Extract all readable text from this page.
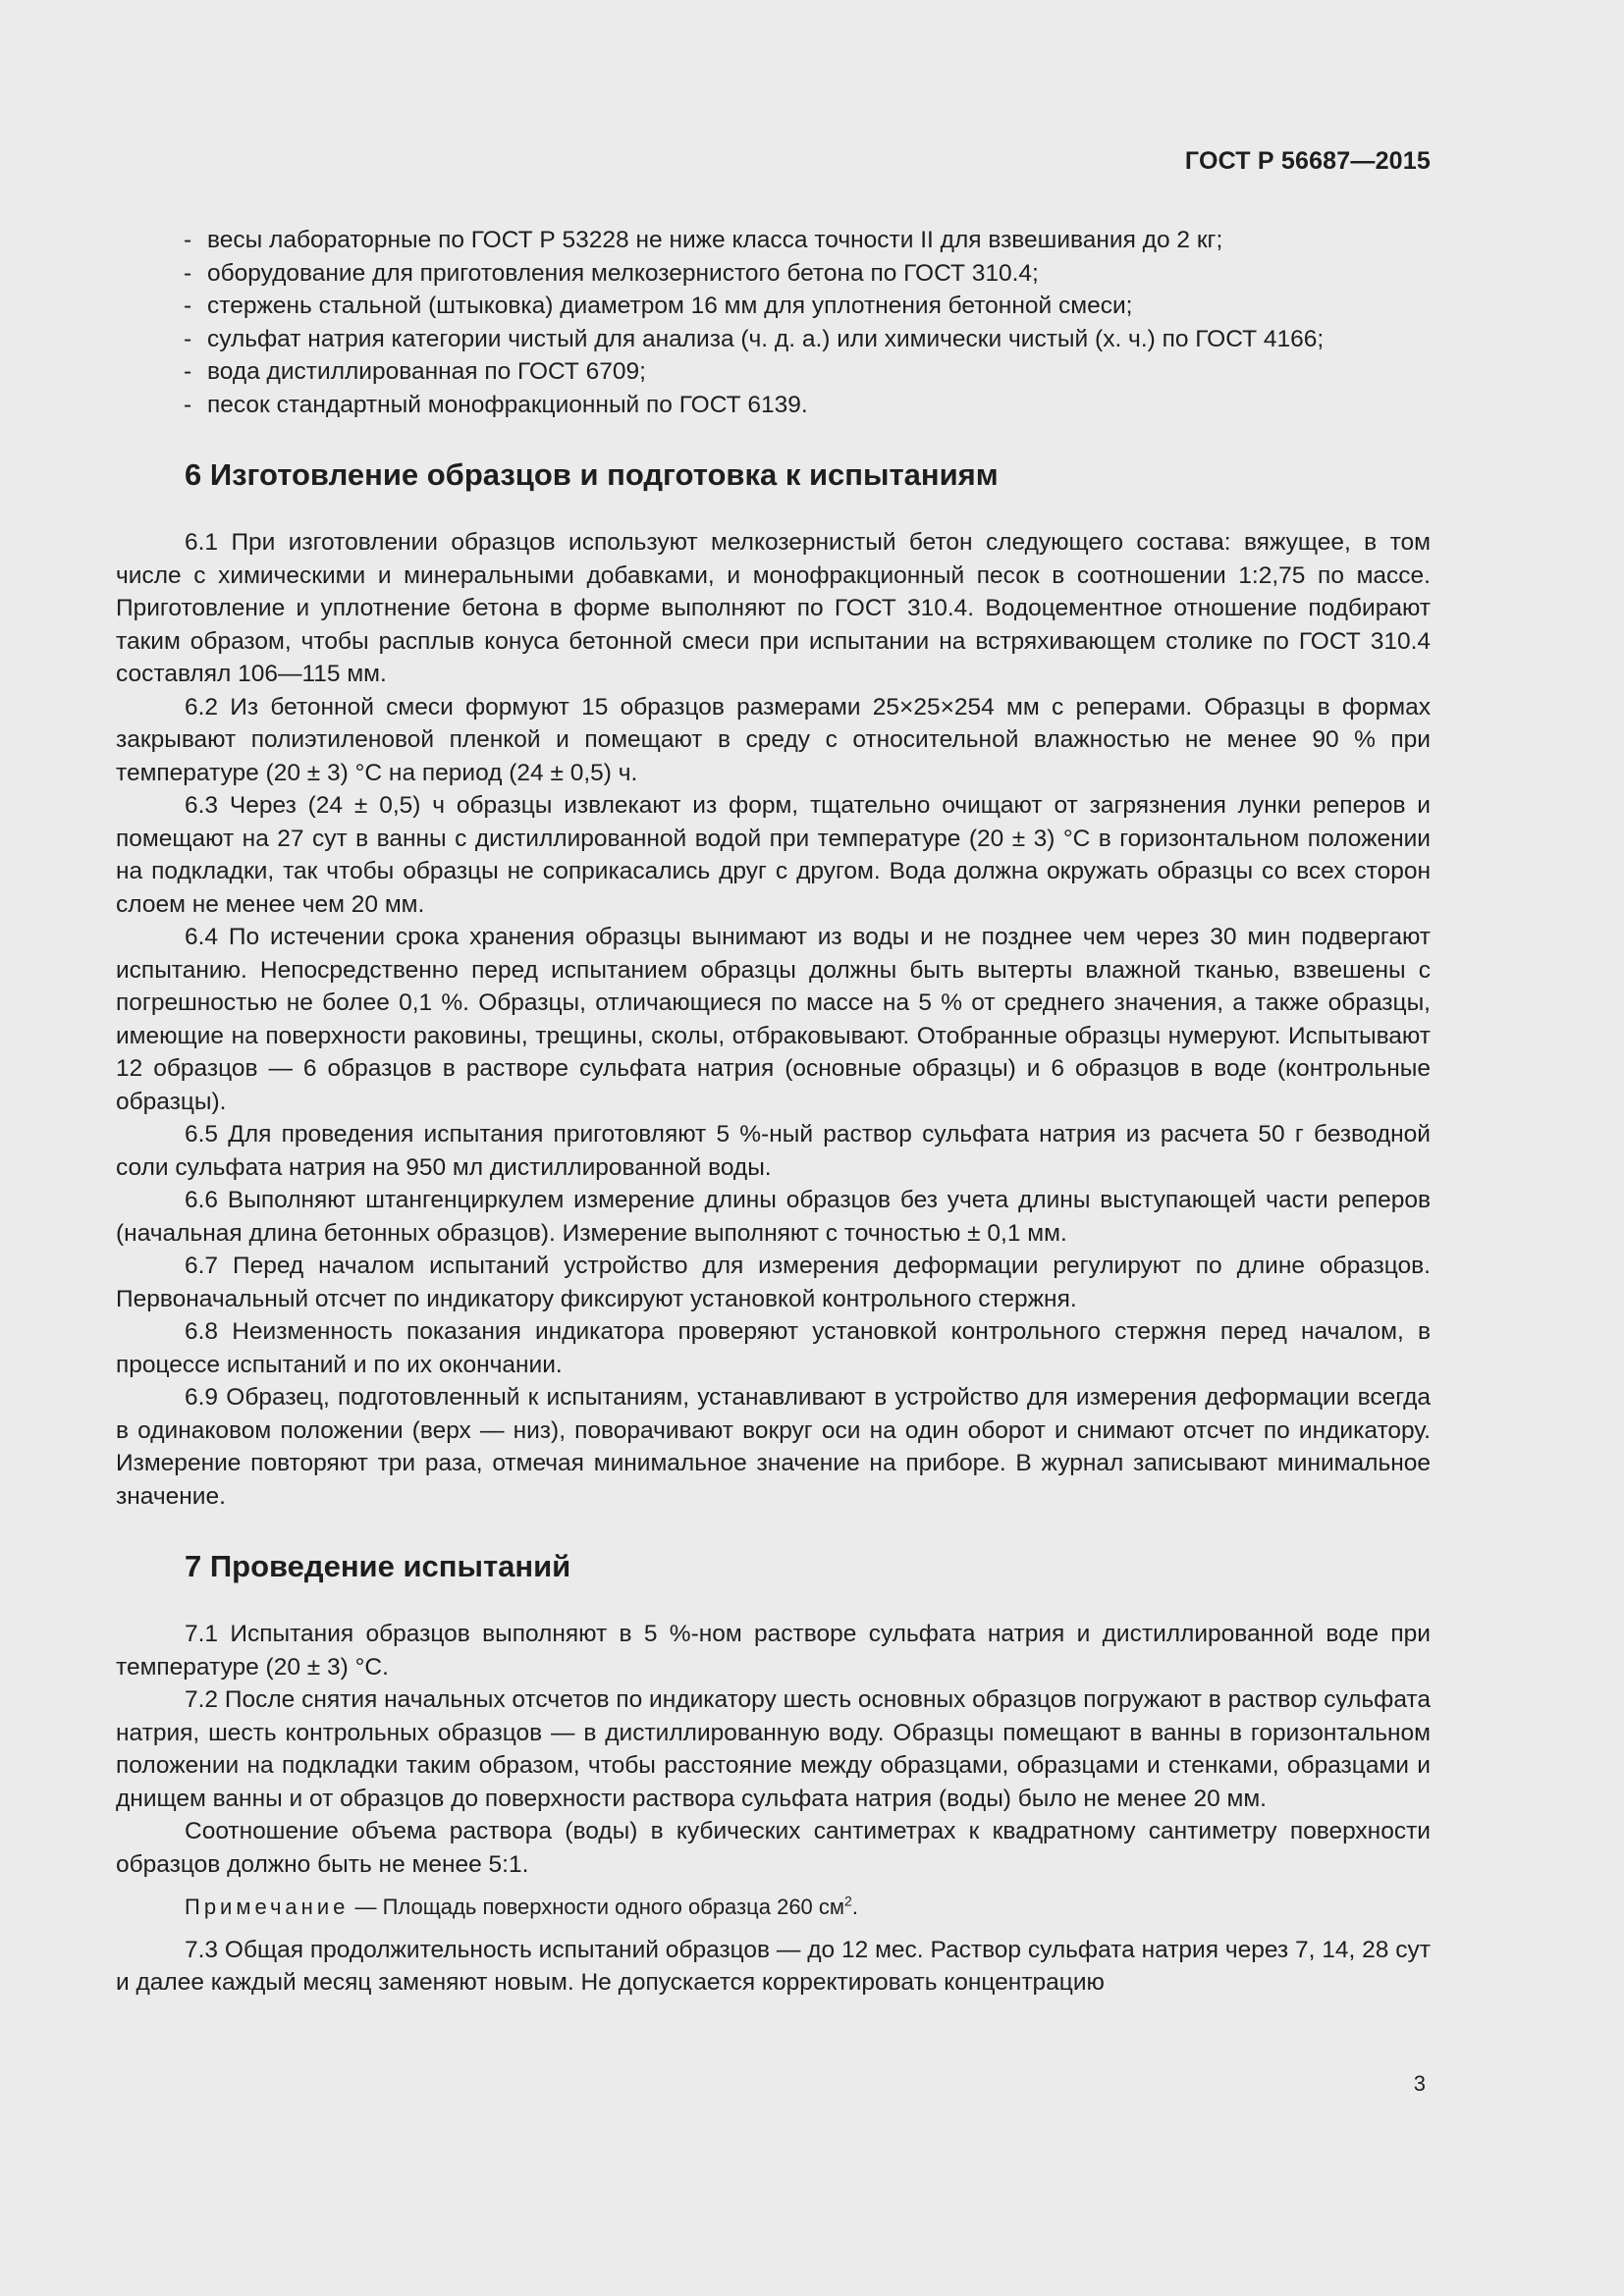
ГОСТ Р 56687—2015
- весы лабораторные по ГОСТ Р 53228 не ниже класса точности II для взвешивания до 2 кг;
- оборудование для приготовления мелкозернистого бетона по ГОСТ 310.4;
- стержень стальной (штыковка) диаметром 16 мм для уплотнения бетонной смеси;
- сульфат натрия категории чистый для анализа (ч. д. а.) или химически чистый (х. ч.) по ГОСТ 4166;
- вода дистиллированная по ГОСТ 6709;
- песок стандартный монофракционный по ГОСТ 6139.
6 Изготовление образцов и подготовка к испытаниям

6.1 При изготовлении образцов используют мелкозернистый бетон следующего состава: вяжущее, в том числе с химическими и минеральными добавками, и монофракционный песок в соотношении 1:2,75 по массе. Приготовление и уплотнение бетона в форме выполняют по ГОСТ 310.4. Водоцементное отношение подбирают таким образом, чтобы расплыв конуса бетонной смеси при испытании на встряхивающем столике по ГОСТ 310.4 составлял 106—115 мм.

6.2 Из бетонной смеси формуют 15 образцов размерами 25×25×254 мм с реперами. Образцы в формах закрывают полиэтиленовой пленкой и помещают в среду с относительной влажностью не менее 90 % при температуре (20 ± 3) °С на период (24 ± 0,5) ч.

6.3 Через (24 ± 0,5) ч образцы извлекают из форм, тщательно очищают от загрязнения лунки реперов и помещают на 27 сут в ванны с дистиллированной водой при температуре (20 ± 3) °С в горизонтальном положении на подкладки, так чтобы образцы не соприкасались друг с другом. Вода должна окружать образцы со всех сторон слоем не менее чем 20 мм.

6.4 По истечении срока хранения образцы вынимают из воды и не позднее чем через 30 мин подвергают испытанию. Непосредственно перед испытанием образцы должны быть вытерты влажной тканью, взвешены с погрешностью не более 0,1 %. Образцы, отличающиеся по массе на 5 % от среднего значения, а также образцы, имеющие на поверхности раковины, трещины, сколы, отбраковывают. Отобранные образцы нумеруют. Испытывают 12 образцов — 6 образцов в растворе сульфата натрия (основные образцы) и 6 образцов в воде (контрольные образцы).

6.5 Для проведения испытания приготовляют 5 %-ный раствор сульфата натрия из расчета 50 г безводной соли сульфата натрия на 950 мл дистиллированной воды.

6.6 Выполняют штангенциркулем измерение длины образцов без учета длины выступающей части реперов (начальная длина бетонных образцов). Измерение выполняют с точностью ± 0,1 мм.

6.7 Перед началом испытаний устройство для измерения деформации регулируют по длине образцов. Первоначальный отсчет по индикатору фиксируют установкой контрольного стержня.

6.8 Неизменность показания индикатора проверяют установкой контрольного стержня перед началом, в процессе испытаний и по их окончании.

6.9 Образец, подготовленный к испытаниям, устанавливают в устройство для измерения деформации всегда в одинаковом положении (верх — низ), поворачивают вокруг оси на один оборот и снимают отсчет по индикатору. Измерение повторяют три раза, отмечая минимальное значение на приборе. В журнал записывают минимальное значение.

7 Проведение испытаний

7.1 Испытания образцов выполняют в 5 %-ном растворе сульфата натрия и дистиллированной воде при температуре (20 ± 3) °С.

7.2 После снятия начальных отсчетов по индикатору шесть основных образцов погружают в раствор сульфата натрия, шесть контрольных образцов — в дистиллированную воду. Образцы помещают в ванны в горизонтальном положении на подкладки таким образом, чтобы расстояние между образцами, образцами и стенками, образцами и днищем ванны и от образцов до поверхности раствора сульфата натрия (воды) было не менее 20 мм.

Соотношение объема раствора (воды) в кубических сантиметрах к квадратному сантиметру поверхности образцов должно быть не менее 5:1.

Примечание — Площадь поверхности одного образца 260 $см^2$.

7.3 Общая продолжительность испытаний образцов — до 12 мес. Раствор сульфата натрия через 7, 14, 28 сут и далее каждый месяц заменяют новым. Не допускается корректировать концентрацию

3
